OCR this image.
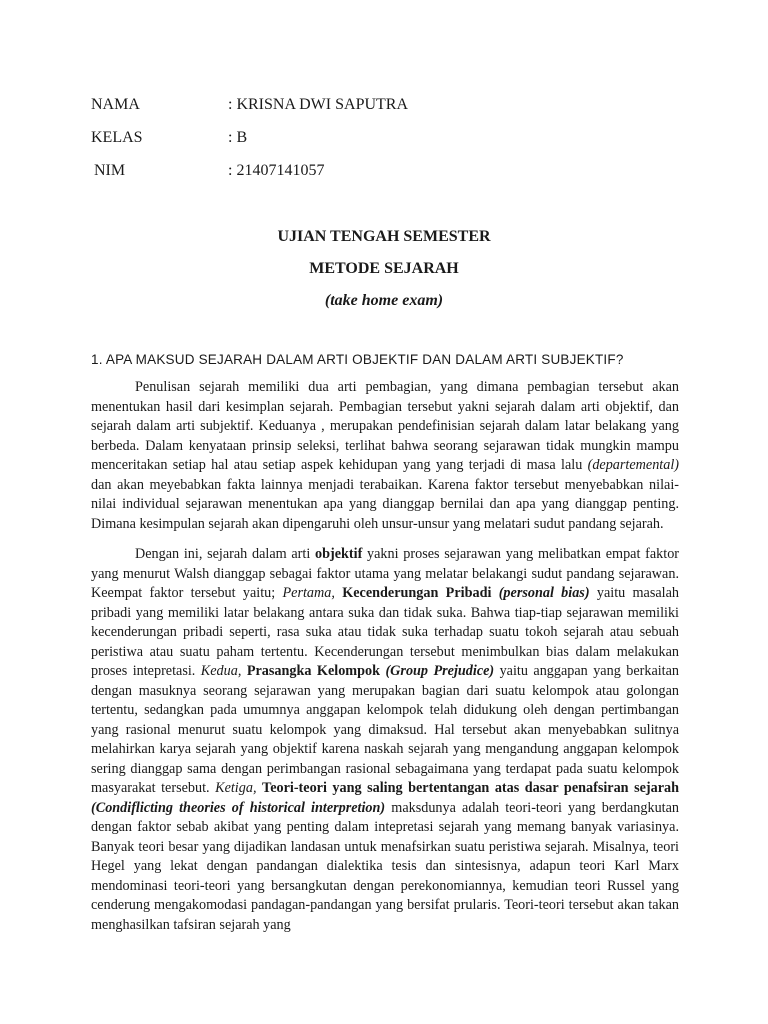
NAMA	: KRISNA DWI SAPUTRA
KELAS	: B
NIM	: 21407141057
UJIAN TENGAH SEMESTER
METODE SEJARAH
(take home exam)
1. APA MAKSUD SEJARAH DALAM ARTI OBJEKTIF DAN DALAM ARTI SUBJEKTIF?

Penulisan sejarah memiliki dua arti pembagian, yang dimana pembagian tersebut akan menentukan hasil dari kesimplan sejarah. Pembagian tersebut yakni sejarah dalam arti objektif, dan sejarah dalam arti subjektif. Keduanya , merupakan pendefinisian sejarah dalam latar belakang yang berbeda. Dalam kenyataan prinsip seleksi, terlihat bahwa seorang sejarawan tidak mungkin mampu menceritakan setiap hal atau setiap aspek kehidupan yang yang terjadi di masa lalu (departemental) dan akan meyebabkan fakta lainnya menjadi terabaikan. Karena faktor tersebut menyebabkan nilai-nilai individual sejarawan menentukan apa yang dianggap bernilai dan apa yang dianggap penting. Dimana kesimpulan sejarah akan dipengaruhi oleh unsur-unsur yang melatari sudut pandang sejarah.

Dengan ini, sejarah dalam arti objektif yakni proses sejarawan yang melibatkan empat faktor yang menurut Walsh dianggap sebagai faktor utama yang melatar belakangi sudut pandang sejarawan. Keempat faktor tersebut yaitu; Pertama, Kecenderungan Pribadi (personal bias) yaitu masalah pribadi yang memiliki latar belakang antara suka dan tidak suka. Bahwa tiap-tiap sejarawan memiliki kecenderungan pribadi seperti, rasa suka atau tidak suka terhadap suatu tokoh sejarah atau sebuah peristiwa atau suatu paham tertentu. Kecenderungan tersebut menimbulkan bias dalam melakukan proses intepretasi. Kedua, Prasangka Kelompok (Group Prejudice) yaitu anggapan yang berkaitan dengan masuknya seorang sejarawan yang merupakan bagian dari suatu kelompok atau golongan tertentu, sedangkan pada umumnya anggapan kelompok telah didukung oleh dengan pertimbangan yang rasional menurut suatu kelompok yang dimaksud. Hal tersebut akan menyebabkan sulitnya melahirkan karya sejarah yang objektif karena naskah sejarah yang mengandung anggapan kelompok sering dianggap sama dengan perimbangan rasional sebagaimana yang terdapat pada suatu kelompok masyarakat tersebut. Ketiga, Teori-teori yang saling bertentangan atas dasar penafsiran sejarah (Condiflicting theories of historical interpretion) maksdunya adalah teori-teori yang berdangkutan dengan faktor sebab akibat yang penting dalam intepretasi sejarah yang memang banyak variasinya. Banyak teori besar yang dijadikan landasan untuk menafsirkan suatu peristiwa sejarah. Misalnya, teori Hegel yang lekat dengan pandangan dialektika tesis dan sintesisnya, adapun teori Karl Marx mendominasi teori-teori yang bersangkutan dengan perekonomiannya, kemudian teori Russel yang cenderung mengakomodasi pandagan-pandangan yang bersifat prularis. Teori-teori tersebut akan takan menghasilkan tafsiran sejarah yang
